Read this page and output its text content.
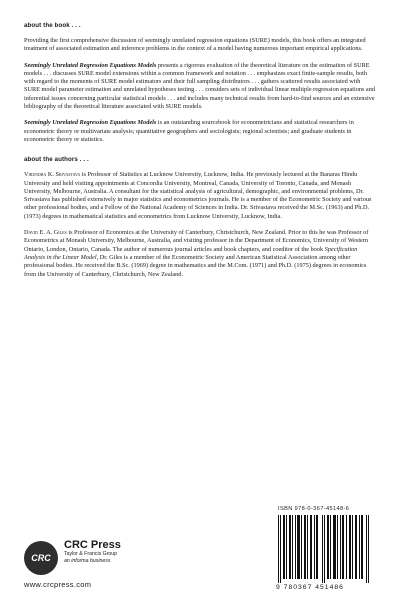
about the book . . .

Providing the first comprehensive discussion of seemingly unrelated regression equations (SURE) models, this book offers an integrated treatment of associated estimation and inference problems in the context of a model having numerous important empirical applications.

Seemingly Unrelated Regression Equations Models presents a rigorous evaluation of the theoretical literature on the estimation of SURE models . . . discusses SURE model extensions within a common framework and notation . . . emphasizes exact finite-sample results, both with regard to the moments of SURE model estimators and their full sampling distributors . . . gathers scattered results associated with SURE model parameter estimation and unrelated hypotheses testing . . . considers sets of individual linear multiple regression equations and inferential issues concerning particular statistical models . . . and includes many technical results from hard-to-find sources and an extensive bibliography of the theoretical literature associated with SURE models.

Seemingly Unrelated Regression Equations Models is an outstanding sourcebook for econometricians and statistical researchers in econometric theory or multivariate analysis; quantitative geographers and sociologists; regional scientists; and graduate students in econometric theory or statistics.

about the authors . . .

Virendra K. Srivastava is Professor of Statistics at Lucknow University, Lucknow, India. He previously lectured at the Banaras Hindu University and held visiting appointments at Concordia University, Montreal, Canada, University of Toronto, Canada, and Monash University, Melbourne, Australia. A consultant for the statistical analysis of agricultural, demographic, and environmental problems, Dr. Srivastava has published extensively in major statistics and econometrics journals. He is a member of the Econometric Society and various other professional bodies, and a Fellow of the National Academy of Sciences in India. Dr. Srivastava received the M.Sc. (1963) and Ph.D. (1973) degrees in mathematical statistics and econometrics from Lucknow University, Lucknow, India.

David E. A. Giles is Professor of Economics at the University of Canterbury, Christchurch, New Zealand. Prior to this he was Professor of Econometrics at Monash University, Melbourne, Australia, and visiting professor in the Department of Economics, University of Western Ontario, London, Ontario, Canada. The author of numerous journal articles and book chapters, and coeditor of the book Specification Analysis in the Linear Model, Dr. Giles is a member of the Econometric Society and American Statistical Association among other professional bodies. He received the B.Sc. (1969) degree in mathematics and the M.Com. (1971) and Ph.D. (1975) degrees in economics from the University of Canterbury, Christchurch, New Zealand.

CRC
CRC Press
Taylor & Francis Group
an informa business
www.crcpress.com
ISBN 978-0-367-45148-6
9 780367 451486
